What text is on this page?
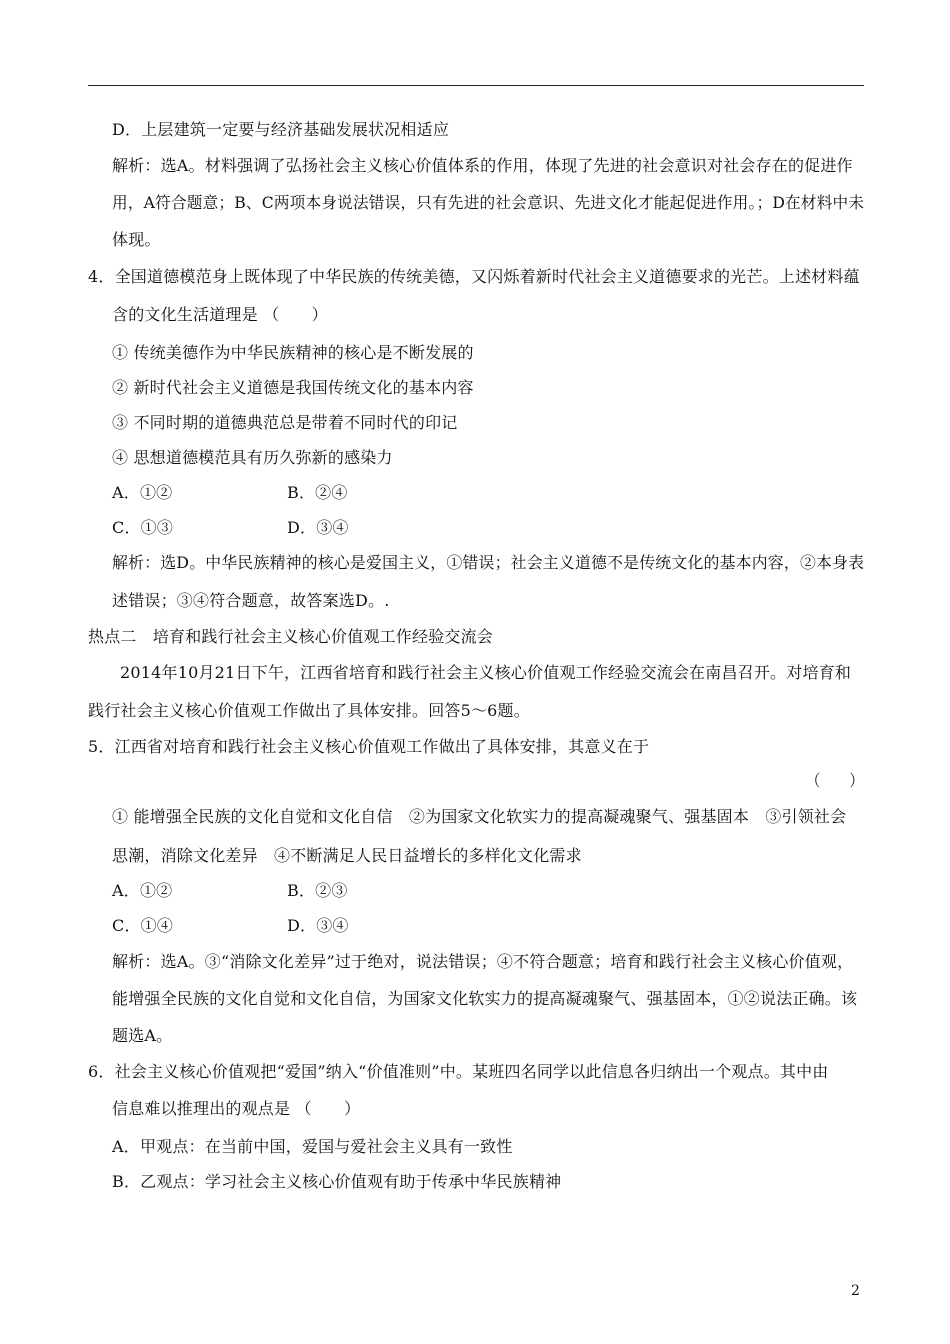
D．上层建筑一定要与经济基础发展状况相适应
解析：选A。材料强调了弘扬社会主义核心价值体系的作用，体现了先进的社会意识对社会存在的促进作
用，A符合题意；B、C两项本身说法错误，只有先进的社会意识、先进文化才能起促进作用。；D在材料中未
体现。
4．全国道德模范身上既体现了中华民族的传统美德，又闪烁着新时代社会主义道德要求的光芒。上述材料蕴
含的文化生活道理是 （　　）
① 传统美德作为中华民族精神的核心是不断发展的
② 新时代社会主义道德是我国传统文化的基本内容
③ 不同时期的道德典范总是带着不同时代的印记
④ 思想道德模范具有历久弥新的感染力
A．①②	B．②④
C．①③	D．③④
解析：选D。中华民族精神的核心是爱国主义，①错误；社会主义道德不是传统文化的基本内容，②本身表
述错误；③④符合题意，故答案选D。.
热点二　培育和践行社会主义核心价值观工作经验交流会
2014年10月21日下午，江西省培育和践行社会主义核心价值观工作经验交流会在南昌召开。对培育和
践行社会主义核心价值观工作做出了具体安排。回答5～6题。
5．江西省对培育和践行社会主义核心价值观工作做出了具体安排，其意义在于
（　　）
① 能增强全民族的文化自觉和文化自信　②为国家文化软实力的提高凝魂聚气、强基固本　③引领社会
思潮，消除文化差异　④不断满足人民日益增长的多样化文化需求
A．①②	B．②③
C．①④	D．③④
解析：选A。③“消除文化差异”过于绝对，说法错误；④不符合题意；培育和践行社会主义核心价值观，
能增强全民族的文化自觉和文化自信，为国家文化软实力的提高凝魂聚气、强基固本，①②说法正确。该
题选A。
6．社会主义核心价值观把“爱国”纳入“价值准则”中。某班四名同学以此信息各归纳出一个观点。其中由
信息难以推理出的观点是 （　　）
A．甲观点：在当前中国，爱国与爱社会主义具有一致性
B．乙观点：学习社会主义核心价值观有助于传承中华民族精神
2
